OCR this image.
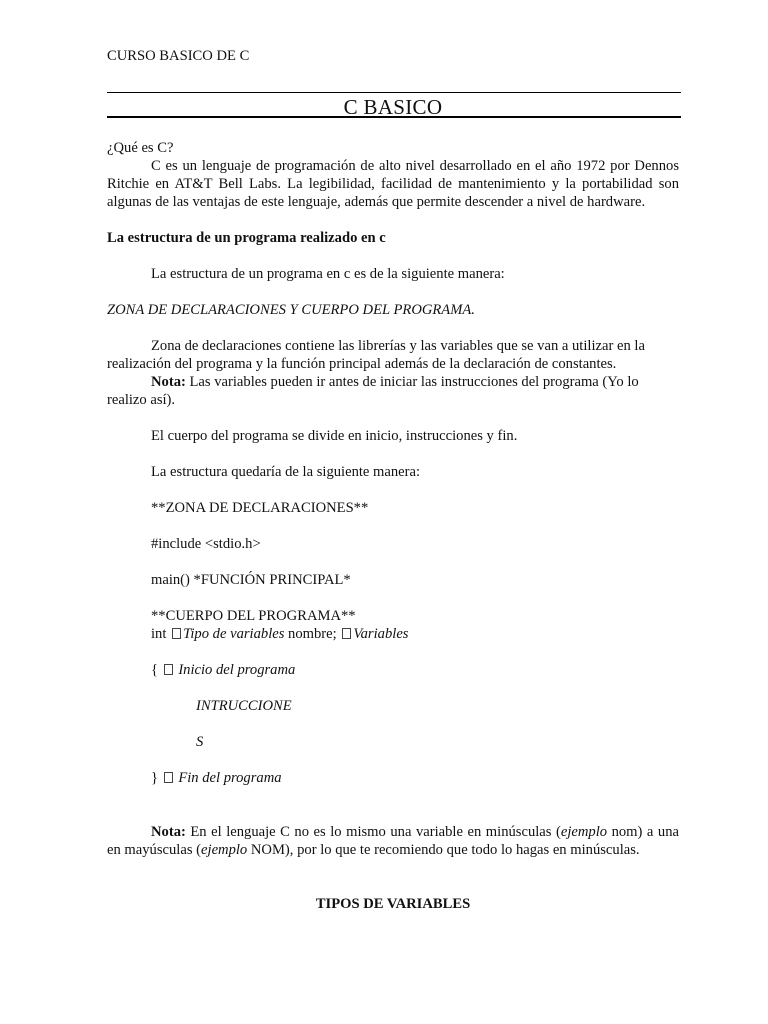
CURSO BASICO DE C
C BASICO

¿Qué es C?

C es un lenguaje de programación de alto nivel desarrollado en el año 1972 por Dennos Ritchie en AT&T Bell Labs. La legibilidad, facilidad de mantenimiento y la portabilidad son algunas de las ventajas de este lenguaje, además que permite descender a nivel de hardware.

La estructura de un programa realizado en c

La estructura de un programa en c es de la siguiente manera:

ZONA DE DECLARACIONES Y CUERPO DEL PROGRAMA.

Zona de declaraciones contiene las librerías y las variables que se van a utilizar en la realización del programa y la función principal además de la declaración de constantes.

Nota: Las variables pueden ir antes de iniciar las instrucciones del programa (Yo lo realizo así).

El cuerpo del programa se divide en inicio, instrucciones y fin.

La estructura quedaría de la siguiente manera:

**ZONA DE DECLARACIONES**

#include <stdio.h>

main() *FUNCIÓN PRINCIPAL*

**CUERPO DEL PROGRAMA**

int Tipo de variables nombre; Variables

{  Inicio del programa

INTRUCCIONE

S

}  Fin del programa

Nota: En el lenguaje C no es lo mismo una variable en minúsculas (ejemplo nom) a una en mayúsculas (ejemplo NOM), por lo que te recomiendo que todo lo hagas en minúsculas.

TIPOS DE VARIABLES
